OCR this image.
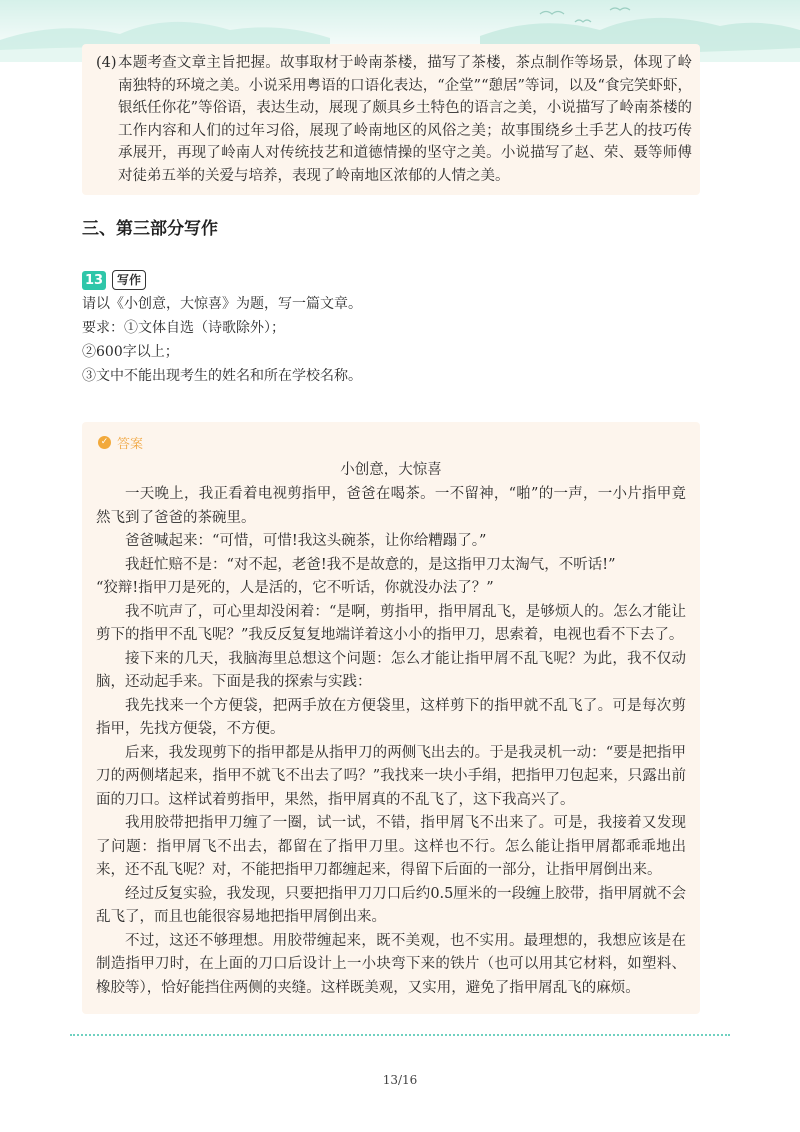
(4) 本题考查文章主旨把握。故事取材于岭南茶楼，描写了茶楼，茶点制作等场景，体现了岭南独特的环境之美。小说采用粤语的口语化表达，“企堂”“憩居”等词，以及“食完笑虾虾，银纸任你花”等俗语，表达生动，展现了颇具乡土特色的语言之美，小说描写了岭南茶楼的工作内容和人们的过年习俗，展现了岭南地区的风俗之美；故事围绕乡土手艺人的技巧传承展开，再现了岭南人对传统技艺和道德情操的坚守之美。小说描写了赵、荣、聂等师傅对徒弟五举的关爱与培养，表现了岭南地区浓郁的人情之美。
三、第三部分写作
13	写作
请以《小创意，大惊喜》为题，写一篇文章。
要求：①文体自选（诗歌除外）；
②600字以上；
③文中不能出现考生的姓名和所在学校名称。
✓ 答案
小创意，大惊喜

一天晚上，我正看着电视剪指甲，爸爸在喝茶。一不留神，“啪”的一声，一小片指甲竟然飞到了爸爸的茶碗里。

爸爸喊起来：“可惜，可惜!我这头碗茶，让你给糟蹋了。”

我赶忙赔不是：“对不起，老爸!我不是故意的，是这指甲刀太淘气，不听话!”

“狡辩!指甲刀是死的，人是活的，它不听话，你就没办法了？”

我不吭声了，可心里却没闲着：“是啊，剪指甲，指甲屑乱飞，是够烦人的。怎么才能让剪下的指甲不乱飞呢？”我反反复复地端详着这小小的指甲刀，思索着，电视也看不下去了。

接下来的几天，我脑海里总想这个问题：怎么才能让指甲屑不乱飞呢？为此，我不仅动脑，还动起手来。下面是我的探索与实践：

我先找来一个方便袋，把两手放在方便袋里，这样剪下的指甲就不乱飞了。可是每次剪指甲，先找方便袋，不方便。

后来，我发现剪下的指甲都是从指甲刀的两侧飞出去的。于是我灵机一动：“要是把指甲刀的两侧堵起来，指甲不就飞不出去了吗？”我找来一块小手绢，把指甲刀包起来，只露出前面的刀口。这样试着剪指甲，果然，指甲屑真的不乱飞了，这下我高兴了。

我用胶带把指甲刀缠了一圈，试一试，不错，指甲屑飞不出来了。可是，我接着又发现了问题：指甲屑飞不出去，都留在了指甲刀里。这样也不行。怎么能让指甲屑都乖乖地出来，还不乱飞呢？对，不能把指甲刀都缠起来，得留下后面的一部分，让指甲屑倒出来。

经过反复实验，我发现，只要把指甲刀刀口后约0.5厘米的一段缠上胶带，指甲屑就不会乱飞了，而且也能很容易地把指甲屑倒出来。

不过，这还不够理想。用胶带缠起来，既不美观，也不实用。最理想的，我想应该是在制造指甲刀时，在上面的刀口后设计上一小块弯下来的铁片（也可以用其它材料，如塑料、橡胶等），恰好能挡住两侧的夹缝。这样既美观，又实用，避免了指甲屑乱飞的麻烦。

13/16
